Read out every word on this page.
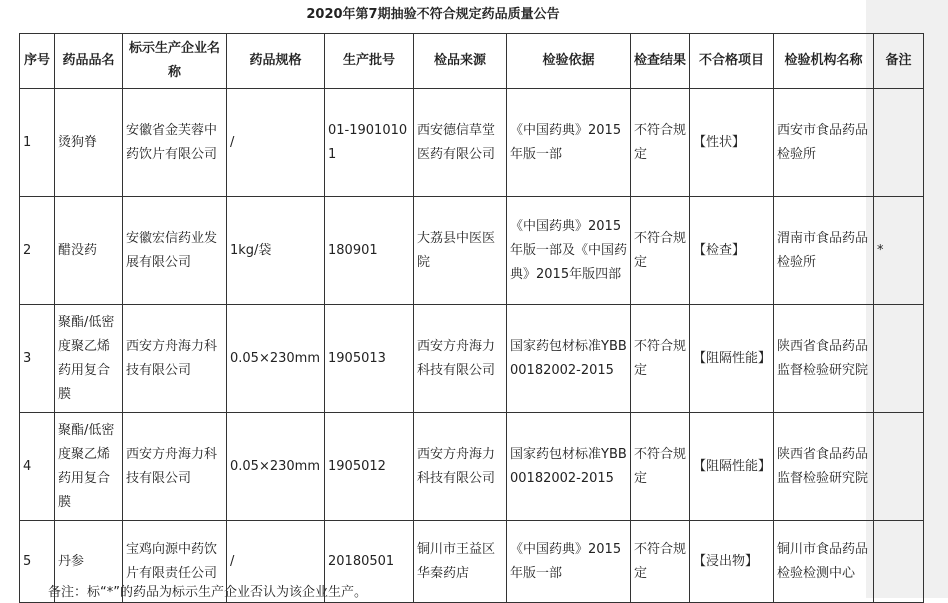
2020年第7期抽验不符合规定药品质量公告
序号	药品品名	标示生产企业名称	药品规格	生产批号	检品来源	检验依据	检查结果	不合格项目	检验机构名称	备注
1	烫狗脊	安徽省金芙蓉中药饮片有限公司	/	01-19010101	西安德信草堂医药有限公司	《中国药典》2015年版一部	不符合规定	【性状】	西安市食品药品检验所	
2	醋没药	安徽宏信药业发展有限公司	1kg/袋	180901	大荔县中医医院	《中国药典》2015年版一部及《中国药典》2015年版四部	不符合规定	【检查】	渭南市食品药品检验所	*
3	聚酯/低密度聚乙烯药用复合膜	西安方舟海力科技有限公司	0.05×230mm	1905013	西安方舟海力科技有限公司	国家药包材标准YBB00182002-2015	不符合规定	【阻隔性能】	陕西省食品药品监督检验研究院	
4	聚酯/低密度聚乙烯药用复合膜	西安方舟海力科技有限公司	0.05×230mm	1905012	西安方舟海力科技有限公司	国家药包材标准YBB00182002-2015	不符合规定	【阻隔性能】	陕西省食品药品监督检验研究院	
5	丹参	宝鸡向源中药饮片有限责任公司	/	20180501	铜川市王益区华秦药店	《中国药典》2015年版一部	不符合规定	【浸出物】	铜川市食品药品检验检测中心	
备注：标“*”的药品为标示生产企业否认为该企业生产。
